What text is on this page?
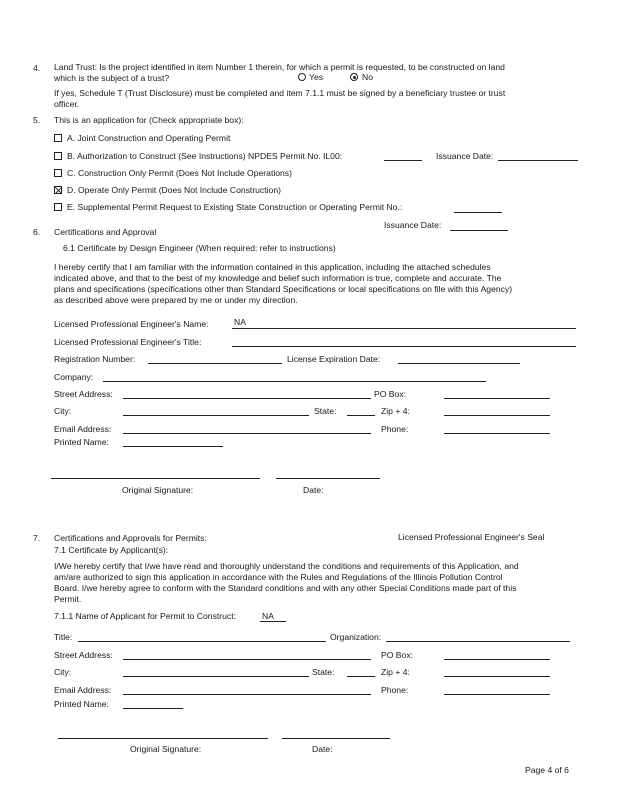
4. Land Trust: Is the project identified in item Number 1 therein, for which a permit is requested, to be constructed on land
which is the subject of a trust?	Yes	No
If yes, Schedule T (Trust Disclosure) must be completed and item 7.1.1 must be signed by a beneficiary trustee or trust
officer.
5. This is an application for (Check appropriate box):
A. Joint Construction and Operating Permit
B. Authorization to Construct (See Instructions) NPDES Permit No. IL00:	Issuance Date:
C. Construction Only Permit (Does Not Include Operations)
D. Operate Only Permit (Does Not Include Construction)
E. Supplemental Permit Request to Existing State Construction or Operating Permit No.:
6. Certifications and Approval
Issuance Date:
6.1 Certificate by Design Engineer (When required: refer to instructions)
I hereby certify that I am familiar with the information contained in this application, including the attached schedules
indicated above, and that to the best of my knowledge and belief such information is true, complete and accurate. The
plans and specifications (specifications other than Standard Specifications or local specifications on file with this Agency)
as described above were prepared by me or under my direction.
Licensed Professional Engineer's Name:	NA
Licensed Professional Engineer's Title:
Registration Number:	License Expiration Date:
Company:
Street Address:	PO Box:
City:	State:	Zip + 4:
Email Address:	Phone:
Printed Name:
Original Signature:	Date:
7. Certifications and Approvals for Permits:	Licensed Professional Engineer's Seal
7.1 Certificate by Applicant(s):
I/We hereby certify that I/we have read and thoroughly understand the conditions and requirements of this Application, and
am/are authorized to sign this application in accordance with the Rules and Regulations of the Illinois Pollution Control
Board. I/we hereby agree to conform with the Standard conditions and with any other Special Conditions made part of this
Permit.
7.1.1 Name of Applicant for Permit to Construct:	NA
Title:	Organization:
Street Address:	PO Box:
City:	State:	Zip + 4:
Email Address:	Phone:
Printed Name:
Original Signature:	Date:
Page 4 of 6
